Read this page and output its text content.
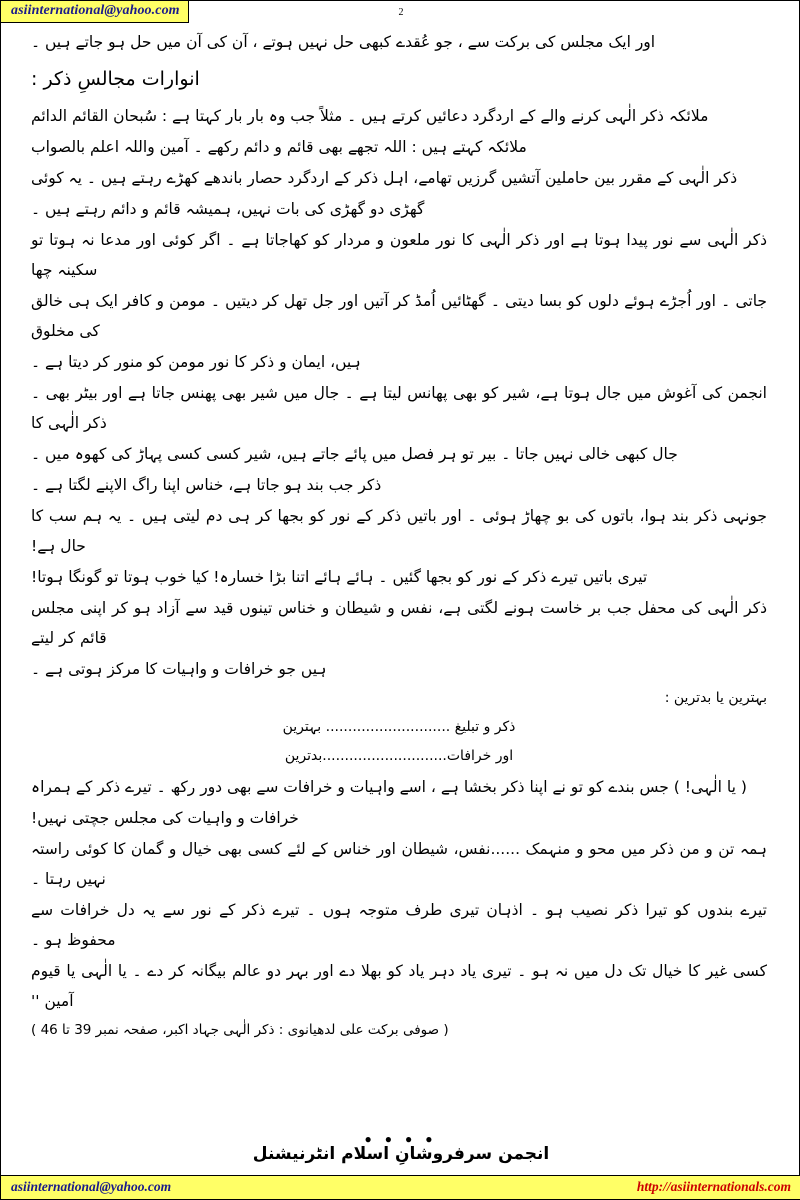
asiinternational@yahoo.com	2

اور ایک مجلس کی برکت سے ، جو عُقدے کبھی حل نہیں ہوتے ، آن کی آن میں حل ہو جاتے ہیں ۔

انوارات مجالسِ ذکر :

ملائکہ ذکر الٰہی کرنے والے کے اردگرد دعائیں کرتے ہیں ۔ مثلاً جب وہ بار بار کہتا ہے : سُبحان القائم الدائم

ملائکہ کہتے ہیں : اللہ تجھے بھی قائم و دائم رکھے ۔ آمین واللہ اعلم بالصواب

ذکر الٰہی کے مقرر بین حاملین آتشیں گرزیں تھامے، اہل ذکر کے اردگرد حصار باندھے کھڑے رہتے ہیں ۔ یہ کوئی

گھڑی دو گھڑی کی بات نہیں، ہمیشہ قائم و دائم رہتے ہیں ۔

ذکر الٰہی سے نور پیدا ہوتا ہے اور ذکر الٰہی کا نور ملعون و مردار کو کھاجاتا ہے ۔ اگر کوئی اور مدعا نہ ہوتا تو سکینہ چھا

جاتی ۔ اور اُجڑے ہوئے دلوں کو بسا دیتی ۔ گھٹائیں اُمڈ کر آتیں اور جل تھل کر دیتیں ۔ مومن و کافر ایک ہی خالق کی مخلوق

ہیں، ایمان و ذکر کا نور مومن کو منور کر دیتا ہے ۔

انجمن کی آغوش میں جال ہوتا ہے، شیر کو بھی پھانس لیتا ہے ۔ جال میں شیر بھی پھنس جاتا ہے اور بیٹر بھی ۔ ذکر الٰہی کا

جال کبھی خالی نہیں جاتا ۔ بیر تو ہر فصل میں پائے جاتے ہیں، شیر کسی کسی پہاڑ کی کھوہ میں ۔

ذکر جب بند ہو جاتا ہے، خناس اپنا راگ الاپنے لگتا ہے ۔

جونہی ذکر بند ہوا، باتوں کی بو چھاڑ ہوئی ۔ اور باتیں ذکر کے نور کو بجھا کر ہی دم لیتی ہیں ۔ یہ ہم سب کا حال ہے!

تیری باتیں تیرے ذکر کے نور کو بجھا گئیں ۔ ہائے ہائے اتنا بڑا خسارہ! کیا خوب ہوتا تو گونگا ہوتا!

ذکر الٰہی کی محفل جب بر خاست ہونے لگتی ہے، نفس و شیطان و خناس تینوں قید سے آزاد ہو کر اپنی مجلس قائم کر لیتے

ہیں جو خرافات و واہیات کا مرکز ہوتی ہے ۔

بہترین یا بدترین :

ذکر و تبلیغ ............................ بہترین

اور خرافات............................بدترین

( یا الٰہی! ) جس بندے کو تو نے اپنا ذکر بخشا ہے ، اسے واہیات و خرافات سے بھی دور رکھ ۔ تیرے ذکر کے ہمراہ

خرافات و واہیات کی مجلس جچتی نہیں!

ہمہ تن و من ذکر میں محو و منہمک ......نفس، شیطان اور خناس کے لئے کسی بھی خیال و گمان کا کوئی راستہ نہیں رہتا ۔

تیرے بندوں کو تیرا ذکر نصیب ہو ۔ اذہان تیری طرف متوجہ ہوں ۔ تیرے ذکر کے نور سے یہ دل خرافات سے محفوظ ہو ۔

کسی غیر کا خیال تک دل میں نہ ہو ۔ تیری یاد دہر یاد کو بھلا دے اور بہر دو عالم بیگانہ کر دے ۔ یا الٰہی یا قیوم آمین ''

( صوفی برکت علی لدھیانوی : ذکر الٰہی جہاد اکبر، صفحہ نمبر 39 تا 46 )

● ● ● ●
انجمن سرفروشانِ اسلام انٹرنیشنل
asiinternational@yahoo.com	http://asiinternationals.com
